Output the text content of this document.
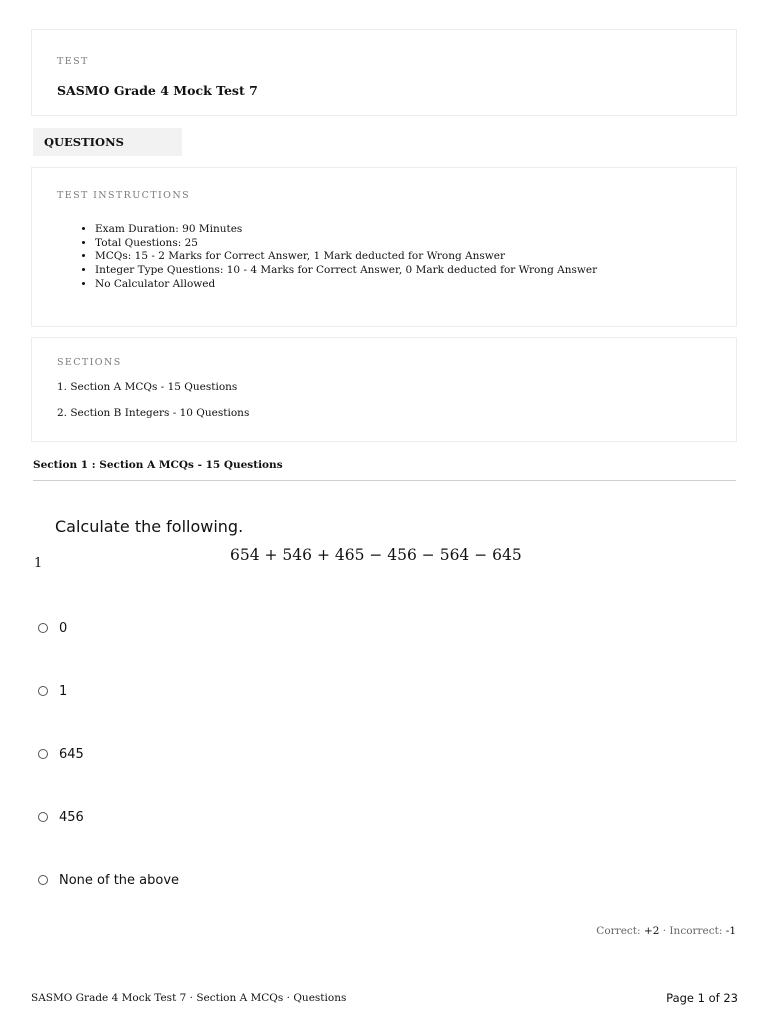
TEST
SASMO Grade 4 Mock Test 7
QUESTIONS
TEST INSTRUCTIONS
• Exam Duration: 90 Minutes
• Total Questions: 25
• MCQs: 15 - 2 Marks for Correct Answer, 1 Mark deducted for Wrong Answer
• Integer Type Questions: 10 - 4 Marks for Correct Answer, 0 Mark deducted for Wrong Answer
• No Calculator Allowed
SECTIONS
1. Section A MCQs - 15 Questions
2. Section B Integers - 10 Questions
Section 1 : Section A MCQs - 15 Questions
Calculate the following.
1	654 + 546 + 465 − 456 − 564 − 645
0
1
645
456
None of the above
Correct: +2 · Incorrect: -1
SASMO Grade 4 Mock Test 7 · Section A MCQs · Questions	Page 1 of 23
